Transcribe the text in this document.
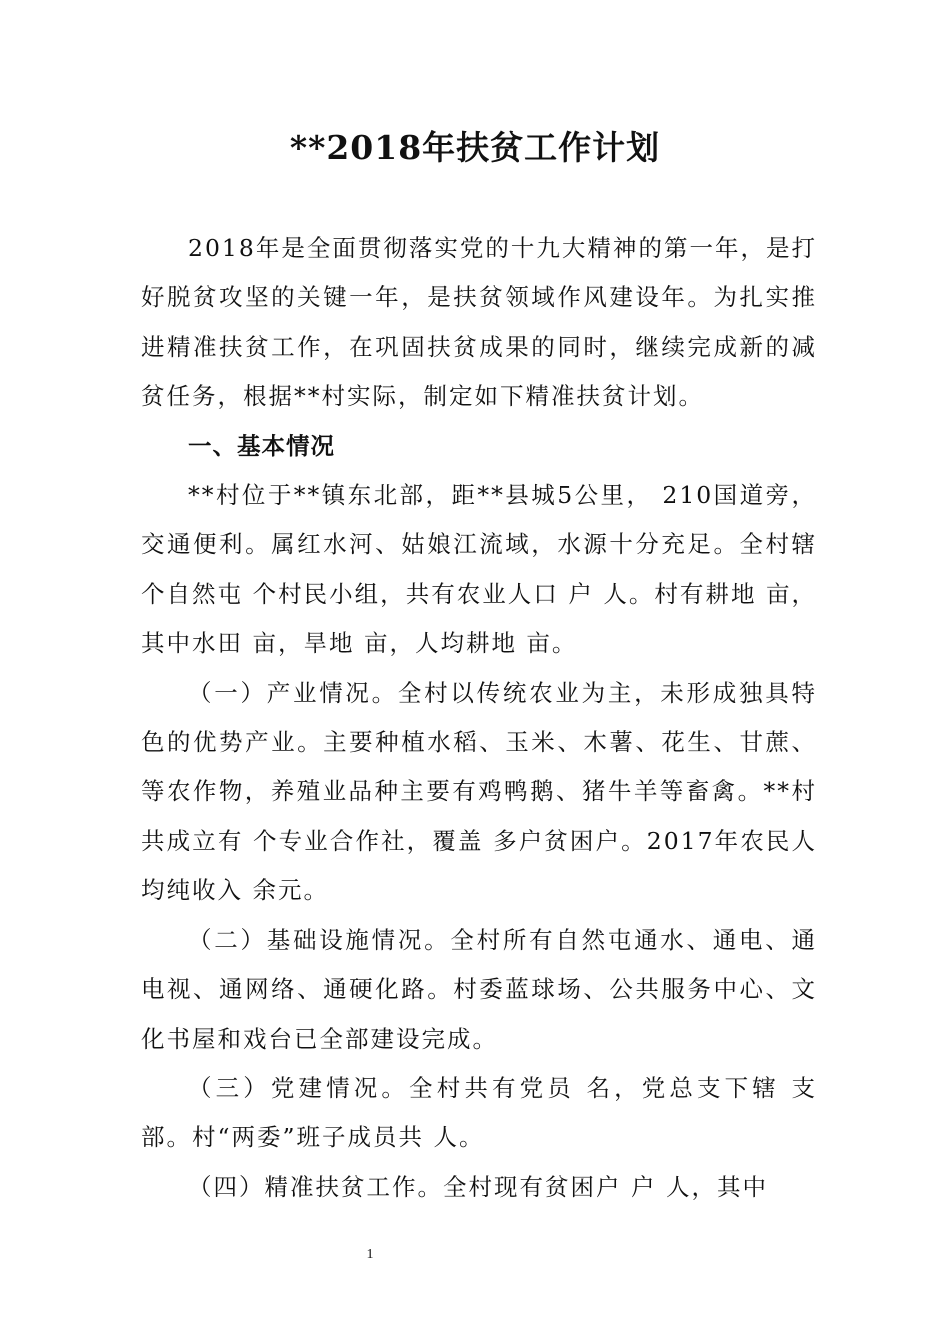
**2018年扶贫工作计划

2018年是全面贯彻落实党的十九大精神的第一年，是打好脱贫攻坚的关键一年，是扶贫领域作风建设年。为扎实推进精准扶贫工作，在巩固扶贫成果的同时，继续完成新的减贫任务，根据**村实际，制定如下精准扶贫计划。

一、基本情况

**村位于**镇东北部，距**县城5公里， 210国道旁，交通便利。属红水河、姑娘江流域，水源十分充足。全村辖 个自然屯 个村民小组，共有农业人口 户 人。村有耕地 亩，其中水田 亩，旱地 亩，人均耕地 亩。

（一）产业情况。全村以传统农业为主，未形成独具特色的优势产业。主要种植水稻、玉米、木薯、花生、甘蔗、等农作物，养殖业品种主要有鸡鸭鹅、猪牛羊等畜禽。**村共成立有 个专业合作社，覆盖 多户贫困户。2017年农民人均纯收入 余元。

（二）基础设施情况。全村所有自然屯通水、通电、通电视、通网络、通硬化路。村委蓝球场、公共服务中心、文化书屋和戏台已全部建设完成。

（三）党建情况。全村共有党员 名，党总支下辖 支部。村“两委”班子成员共 人。

（四）精准扶贫工作。全村现有贫困户 户 人，其中

1
